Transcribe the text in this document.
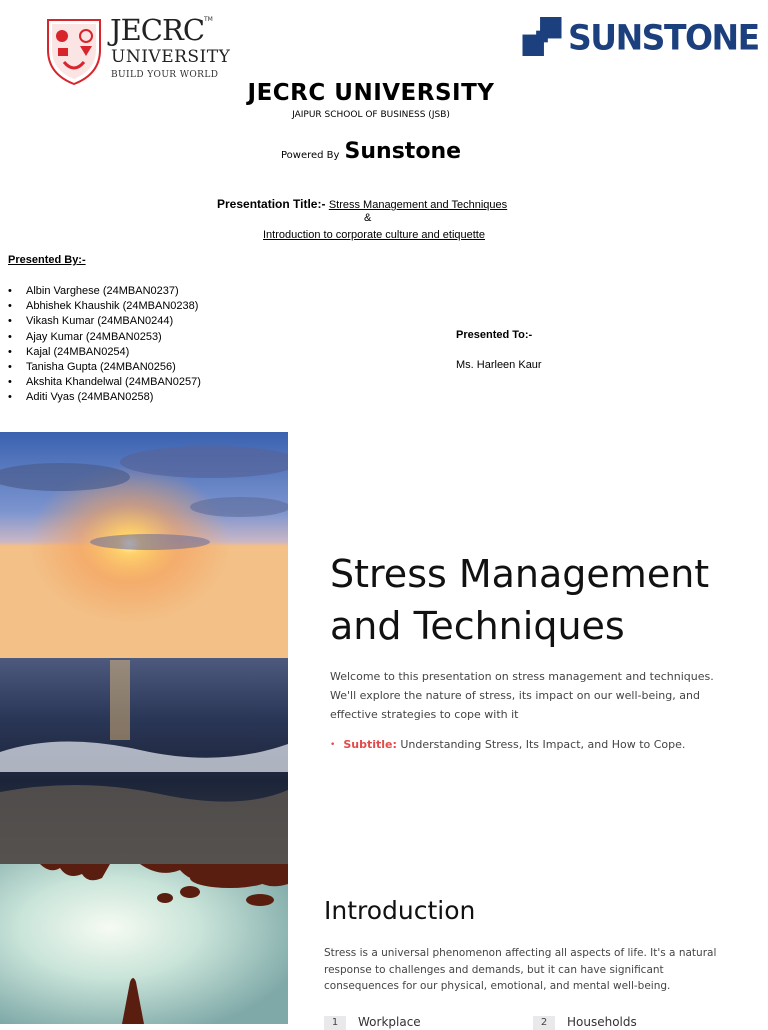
JECRC TM
UNIVERSITY
BUILD YOUR WORLD
SUNSTONE
JECRC UNIVERSITY
JAIPUR SCHOOL OF BUSINESS (JSB)
Powered By Sunstone
Presentation Title:- Stress Management and Techniques
&
Introduction to corporate culture and etiquette
Presented By:-
• Albin Varghese (24MBAN0237)
• Abhishek Khaushik (24MBAN0238)
• Vikash Kumar (24MBAN0244)
• Ajay Kumar (24MBAN0253)
• Kajal (24MBAN0254)
• Tanisha Gupta (24MBAN0256)
• Akshita Khandelwal (24MBAN0257)
• Aditi Vyas (24MBAN0258)
Presented To:-
Ms. Harleen Kaur
Stress Management and Techniques
Welcome to this presentation on stress management and techniques. We'll explore the nature of stress, its impact on our well-being, and effective strategies to cope with it
• Subtitle: Understanding Stress, Its Impact, and How to Cope.
Introduction
Stress is a universal phenomenon affecting all aspects of life. It's a natural response to challenges and demands, but it can have significant consequences for our physical, emotional, and mental well-being.
1	Workplace	2	Households
